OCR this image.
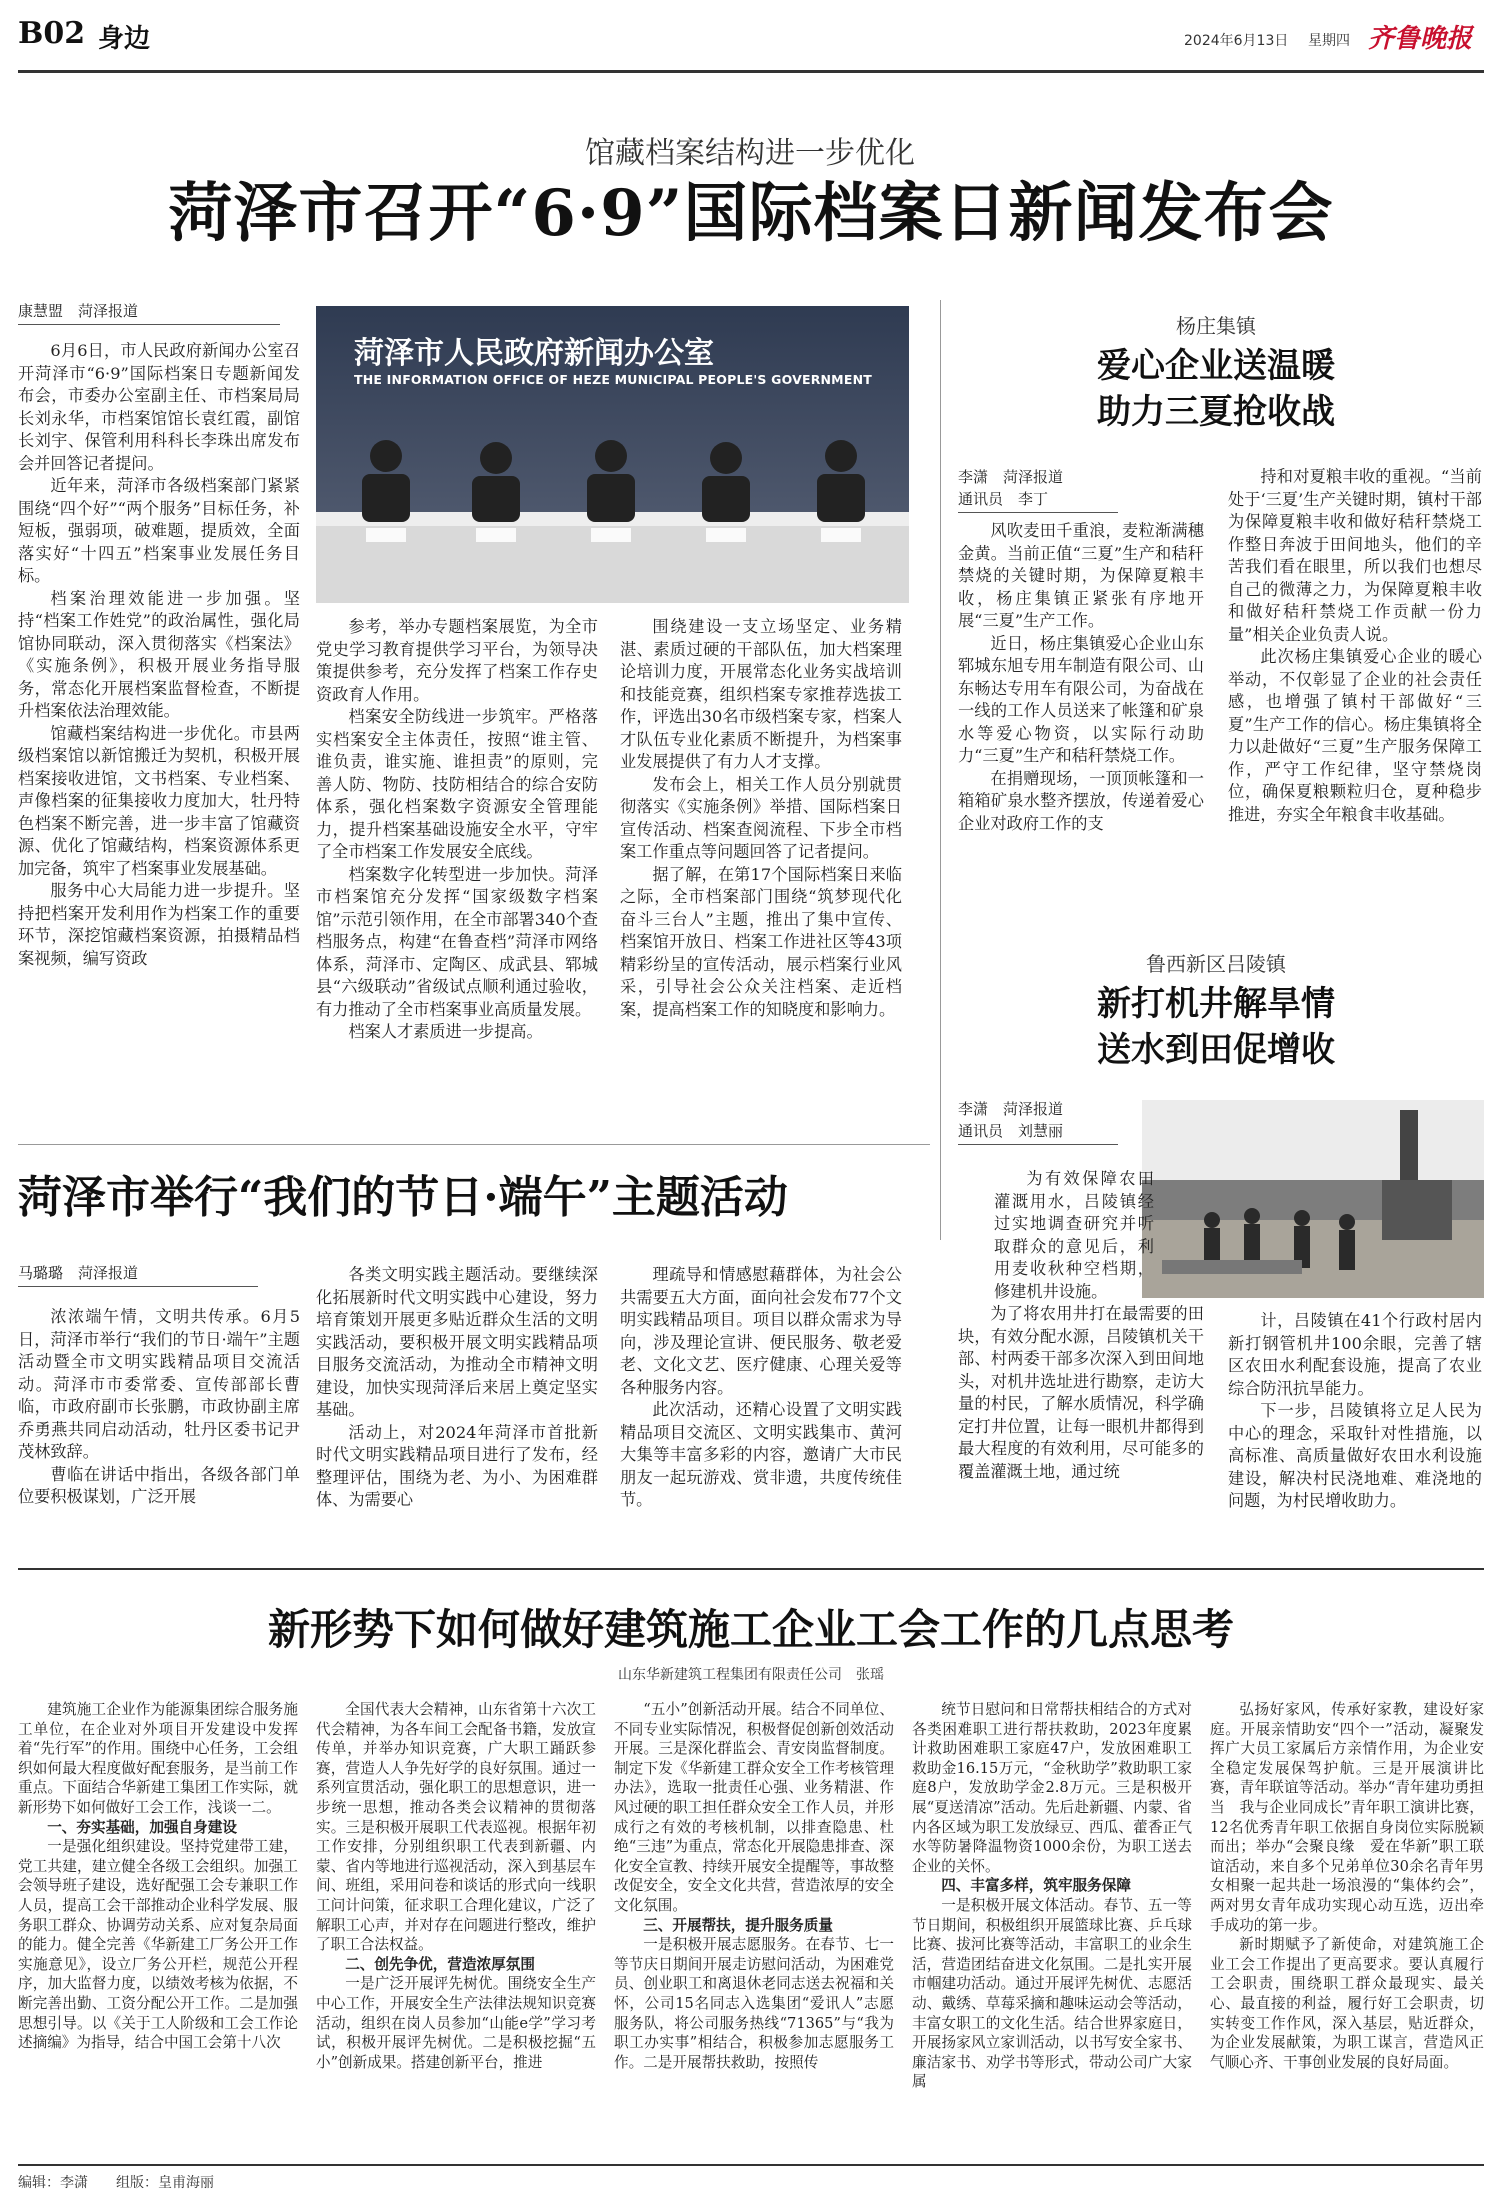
B02 身边	2024年6月13日 星期四 齐鲁晚报
馆藏档案结构进一步优化
菏泽市召开“6·9”国际档案日新闻发布会
康慧盟　菏泽报道

6月6日，市人民政府新闻办公室召开菏泽市“6·9”国际档案日专题新闻发布会，市委办公室副主任、市档案局局长刘永华，市档案馆馆长袁红霞，副馆长刘宇、保管利用科科长李珠出席发布会并回答记者提问。

近年来，菏泽市各级档案部门紧紧围绕“四个好”“两个服务”目标任务，补短板，强弱项，破难题，提质效，全面落实好“十四五”档案事业发展任务目标。

档案治理效能进一步加强。坚持“档案工作姓党”的政治属性，强化局馆协同联动，深入贯彻落实《档案法》《实施条例》，积极开展业务指导服务，常态化开展档案监督检查，不断提升档案依法治理效能。

馆藏档案结构进一步优化。市县两级档案馆以新馆搬迁为契机，积极开展档案接收进馆，文书档案、专业档案、声像档案的征集接收力度加大，牡丹特色档案不断完善，进一步丰富了馆藏资源、优化了馆藏结构，档案资源体系更加完备，筑牢了档案事业发展基础。

服务中心大局能力进一步提升。坚持把档案开发利用作为档案工作的重要环节，深挖馆藏档案资源，拍摄精品档案视频，编写资政

菏泽市人民政府新闻办公室
THE INFORMATION OFFICE OF HEZE MUNICIPAL PEOPLE'S GOVERNMENT

参考，举办专题档案展览，为全市党史学习教育提供学习平台，为领导决策提供参考，充分发挥了档案工作存史资政育人作用。

档案安全防线进一步筑牢。严格落实档案安全主体责任，按照“谁主管、谁负责，谁实施、谁担责”的原则，完善人防、物防、技防相结合的综合安防体系，强化档案数字资源安全管理能力，提升档案基础设施安全水平，守牢了全市档案工作发展安全底线。

档案数字化转型进一步加快。菏泽市档案馆充分发挥“国家级数字档案馆”示范引领作用，在全市部署340个查档服务点，构建“在鲁查档”菏泽市网络体系，菏泽市、定陶区、成武县、郓城县“六级联动”省级试点顺利通过验收，有力推动了全市档案事业高质量发展。

档案人才素质进一步提高。

围绕建设一支立场坚定、业务精湛、素质过硬的干部队伍，加大档案理论培训力度，开展常态化业务实战培训和技能竞赛，组织档案专家推荐选拔工作，评选出30名市级档案专家，档案人才队伍专业化素质不断提升，为档案事业发展提供了有力人才支撑。

发布会上，相关工作人员分别就贯彻落实《实施条例》举措、国际档案日宣传活动、档案查阅流程、下步全市档案工作重点等问题回答了记者提问。

据了解，在第17个国际档案日来临之际，全市档案部门围绕“筑梦现代化　奋斗三台人”主题，推出了集中宣传、档案馆开放日、档案工作进社区等43项精彩纷呈的宣传活动，展示档案行业风采，引导社会公众关注档案、走近档案，提高档案工作的知晓度和影响力。

杨庄集镇
爱心企业送温暖
助力三夏抢收战
李潇　菏泽报道
通讯员　李丁

风吹麦田千重浪，麦粒渐满穗金黄。当前正值“三夏”生产和秸秆禁烧的关键时期，为保障夏粮丰收，杨庄集镇正紧张有序地开展“三夏”生产工作。

近日，杨庄集镇爱心企业山东郓城东旭专用车制造有限公司、山东畅达专用车有限公司，为奋战在一线的工作人员送来了帐篷和矿泉水等爱心物资，以实际行动助力“三夏”生产和秸秆禁烧工作。

在捐赠现场，一顶顶帐篷和一箱箱矿泉水整齐摆放，传递着爱心企业对政府工作的支

持和对夏粮丰收的重视。“当前处于‘三夏’生产关键时期，镇村干部为保障夏粮丰收和做好秸秆禁烧工作整日奔波于田间地头，他们的辛苦我们看在眼里，所以我们也想尽自己的微薄之力，为保障夏粮丰收和做好秸秆禁烧工作贡献一份力量”相关企业负责人说。

此次杨庄集镇爱心企业的暖心举动，不仅彰显了企业的社会责任感，也增强了镇村干部做好“三夏”生产工作的信心。杨庄集镇将全力以赴做好“三夏”生产服务保障工作，严守工作纪律，坚守禁烧岗位，确保夏粮颗粒归仓，夏种稳步推进，夯实全年粮食丰收基础。

鲁西新区吕陵镇
新打机井解旱情
送水到田促增收
李潇　菏泽报道
通讯员　刘慧丽
为有效保障农田灌溉用水，吕陵镇经过实地调查研究并听取群众的意见后，利用麦收秋种空档期，修建机井设施。

为了将农用井打在最需要的田块，有效分配水源，吕陵镇机关干部、村两委干部多次深入到田间地头，对机井选址进行勘察，走访大量的村民，了解水质情况，科学确定打井位置，让每一眼机井都得到最大程度的有效利用，尽可能多的覆盖灌溉土地，通过统

计，吕陵镇在41个行政村居内新打钢管机井100余眼，完善了辖区农田水利配套设施，提高了农业综合防汛抗旱能力。

下一步，吕陵镇将立足人民为中心的理念，采取针对性措施，以高标准、高质量做好农田水利设施建设，解决村民浇地难、难浇地的问题，为村民增收助力。

菏泽市举行“我们的节日·端午”主题活动
马璐璐　菏泽报道

浓浓端午情，文明共传承。6月5日，菏泽市举行“我们的节日·端午”主题活动暨全市文明实践精品项目交流活动。菏泽市市委常委、宣传部部长曹临，市政府副市长张鹏，市政协副主席乔勇燕共同启动活动，牡丹区委书记尹茂林致辞。

曹临在讲话中指出，各级各部门单位要积极谋划，广泛开展

各类文明实践主题活动。要继续深化拓展新时代文明实践中心建设，努力培育策划开展更多贴近群众生活的文明实践活动，要积极开展文明实践精品项目服务交流活动，为推动全市精神文明建设，加快实现菏泽后来居上奠定坚实基础。

活动上，对2024年菏泽市首批新时代文明实践精品项目进行了发布，经整理评估，围绕为老、为小、为困难群体、为需要心

理疏导和情感慰藉群体，为社会公共需要五大方面，面向社会发布77个文明实践精品项目。项目以群众需求为导向，涉及理论宣讲、便民服务、敬老爱老、文化文艺、医疗健康、心理关爱等各种服务内容。

此次活动，还精心设置了文明实践精品项目交流区、文明实践集市、黄河大集等丰富多彩的内容，邀请广大市民朋友一起玩游戏、赏非遗，共度传统佳节。

新形势下如何做好建筑施工企业工会工作的几点思考
山东华新建筑工程集团有限责任公司　张瑶

建筑施工企业作为能源集团综合服务施工单位，在企业对外项目开发建设中发挥着“先行军”的作用。围绕中心任务，工会组织如何最大程度做好配套服务，是当前工作重点。下面结合华新建工集团工作实际，就新形势下如何做好工会工作，浅谈一二。

一、夯实基础，加强自身建设

一是强化组织建设。坚持党建带工建，党工共建，建立健全各级工会组织。加强工会领导班子建设，选好配强工会专兼职工作人员，提高工会干部推动企业科学发展、服务职工群众、协调劳动关系、应对复杂局面的能力。健全完善《华新建工厂务公开工作实施意见》，设立厂务公开栏，规范公开程序，加大监督力度，以绩效考核为依据，不断完善出勤、工资分配公开工作。二是加强思想引导。以《关于工人阶级和工会工作论述摘编》为指导，结合中国工会第十八次

全国代表大会精神，山东省第十六次工代会精神，为各车间工会配备书籍，发放宣传单，并举办知识竞赛，广大职工踊跃参赛，营造人人争先好学的良好氛围。通过一系列宣贯活动，强化职工的思想意识，进一步统一思想，推动各类会议精神的贯彻落实。三是积极开展职工代表巡视。根据年初工作安排，分别组织职工代表到新疆、内蒙、省内等地进行巡视活动，深入到基层车间、班组，采用问卷和谈话的形式向一线职工问计问策，征求职工合理化建议，广泛了解职工心声，并对存在问题进行整改，维护了职工合法权益。

二、创先争优，营造浓厚氛围

一是广泛开展评先树优。围绕安全生产中心工作，开展安全生产法律法规知识竞赛活动，组织在岗人员参加“山能e学”学习考试，积极开展评先树优。二是积极挖掘“五小”创新成果。搭建创新平台，推进

“五小”创新活动开展。结合不同单位、不同专业实际情况，积极督促创新创效活动开展。三是深化群监会、青安岗监督制度。制定下发《华新建工群众安全工作考核管理办法》，选取一批责任心强、业务精湛、作风过硬的职工担任群众安全工作人员，并形成行之有效的考核机制，以排查隐患、杜绝“三违”为重点，常态化开展隐患排查、深化安全宣教、持续开展安全提醒等，事故整改促安全，安全文化共营，营造浓厚的安全文化氛围。

三、开展帮扶，提升服务质量

一是积极开展志愿服务。在春节、七一等节庆日期间开展走访慰问活动，为困难党员、创业职工和离退休老同志送去祝福和关怀，公司15名同志入选集团“爱讯人”志愿服务队，将公司服务热线“71365”与“我为职工办实事”相结合，积极参加志愿服务工作。二是开展帮扶救助，按照传

统节日慰问和日常帮扶相结合的方式对各类困难职工进行帮扶救助，2023年度累计救助困难职工家庭47户，发放困难职工救助金16.15万元，“金秋助学”救助职工家庭8户，发放助学金2.8万元。三是积极开展“夏送清凉”活动。先后赴新疆、内蒙、省内各区域为职工发放绿豆、西瓜、藿香正气水等防暑降温物资1000余份，为职工送去企业的关怀。

四、丰富多样，筑牢服务保障

一是积极开展文体活动。春节、五一等节日期间，积极组织开展篮球比赛、乒乓球比赛、拔河比赛等活动，丰富职工的业余生活，营造团结奋进文化氛围。二是扎实开展市帼建功活动。通过开展评先树优、志愿活动、戴绣、草莓采摘和趣味运动会等活动，丰富女职工的文化生活。结合世界家庭日，开展扬家风立家训活动，以书写安全家书、廉洁家书、劝学书等形式，带动公司广大家属

弘扬好家风，传承好家教，建设好家庭。开展亲情助安“四个一”活动，凝聚发挥广大员工家属后方亲情作用，为企业安全稳定发展保驾护航。三是开展演讲比赛，青年联谊等活动。举办“青年建功勇担当　我与企业同成长”青年职工演讲比赛，12名优秀青年职工依据自身岗位实际脱颖而出；举办“会聚良缘　爱在华新”职工联谊活动，来自多个兄弟单位30余名青年男女相聚一起共赴一场浪漫的“集体约会”，两对男女青年成功实现心动互选，迈出牵手成功的第一步。

新时期赋予了新使命，对建筑施工企业工会工作提出了更高要求。要认真履行工会职责，围绕职工群众最现实、最关心、最直接的利益，履行好工会职责，切实转变工作作风，深入基层，贴近群众，为企业发展献策，为职工谋言，营造风正气顺心齐、干事创业发展的良好局面。

编辑：李潇 组版：皇甫海丽
